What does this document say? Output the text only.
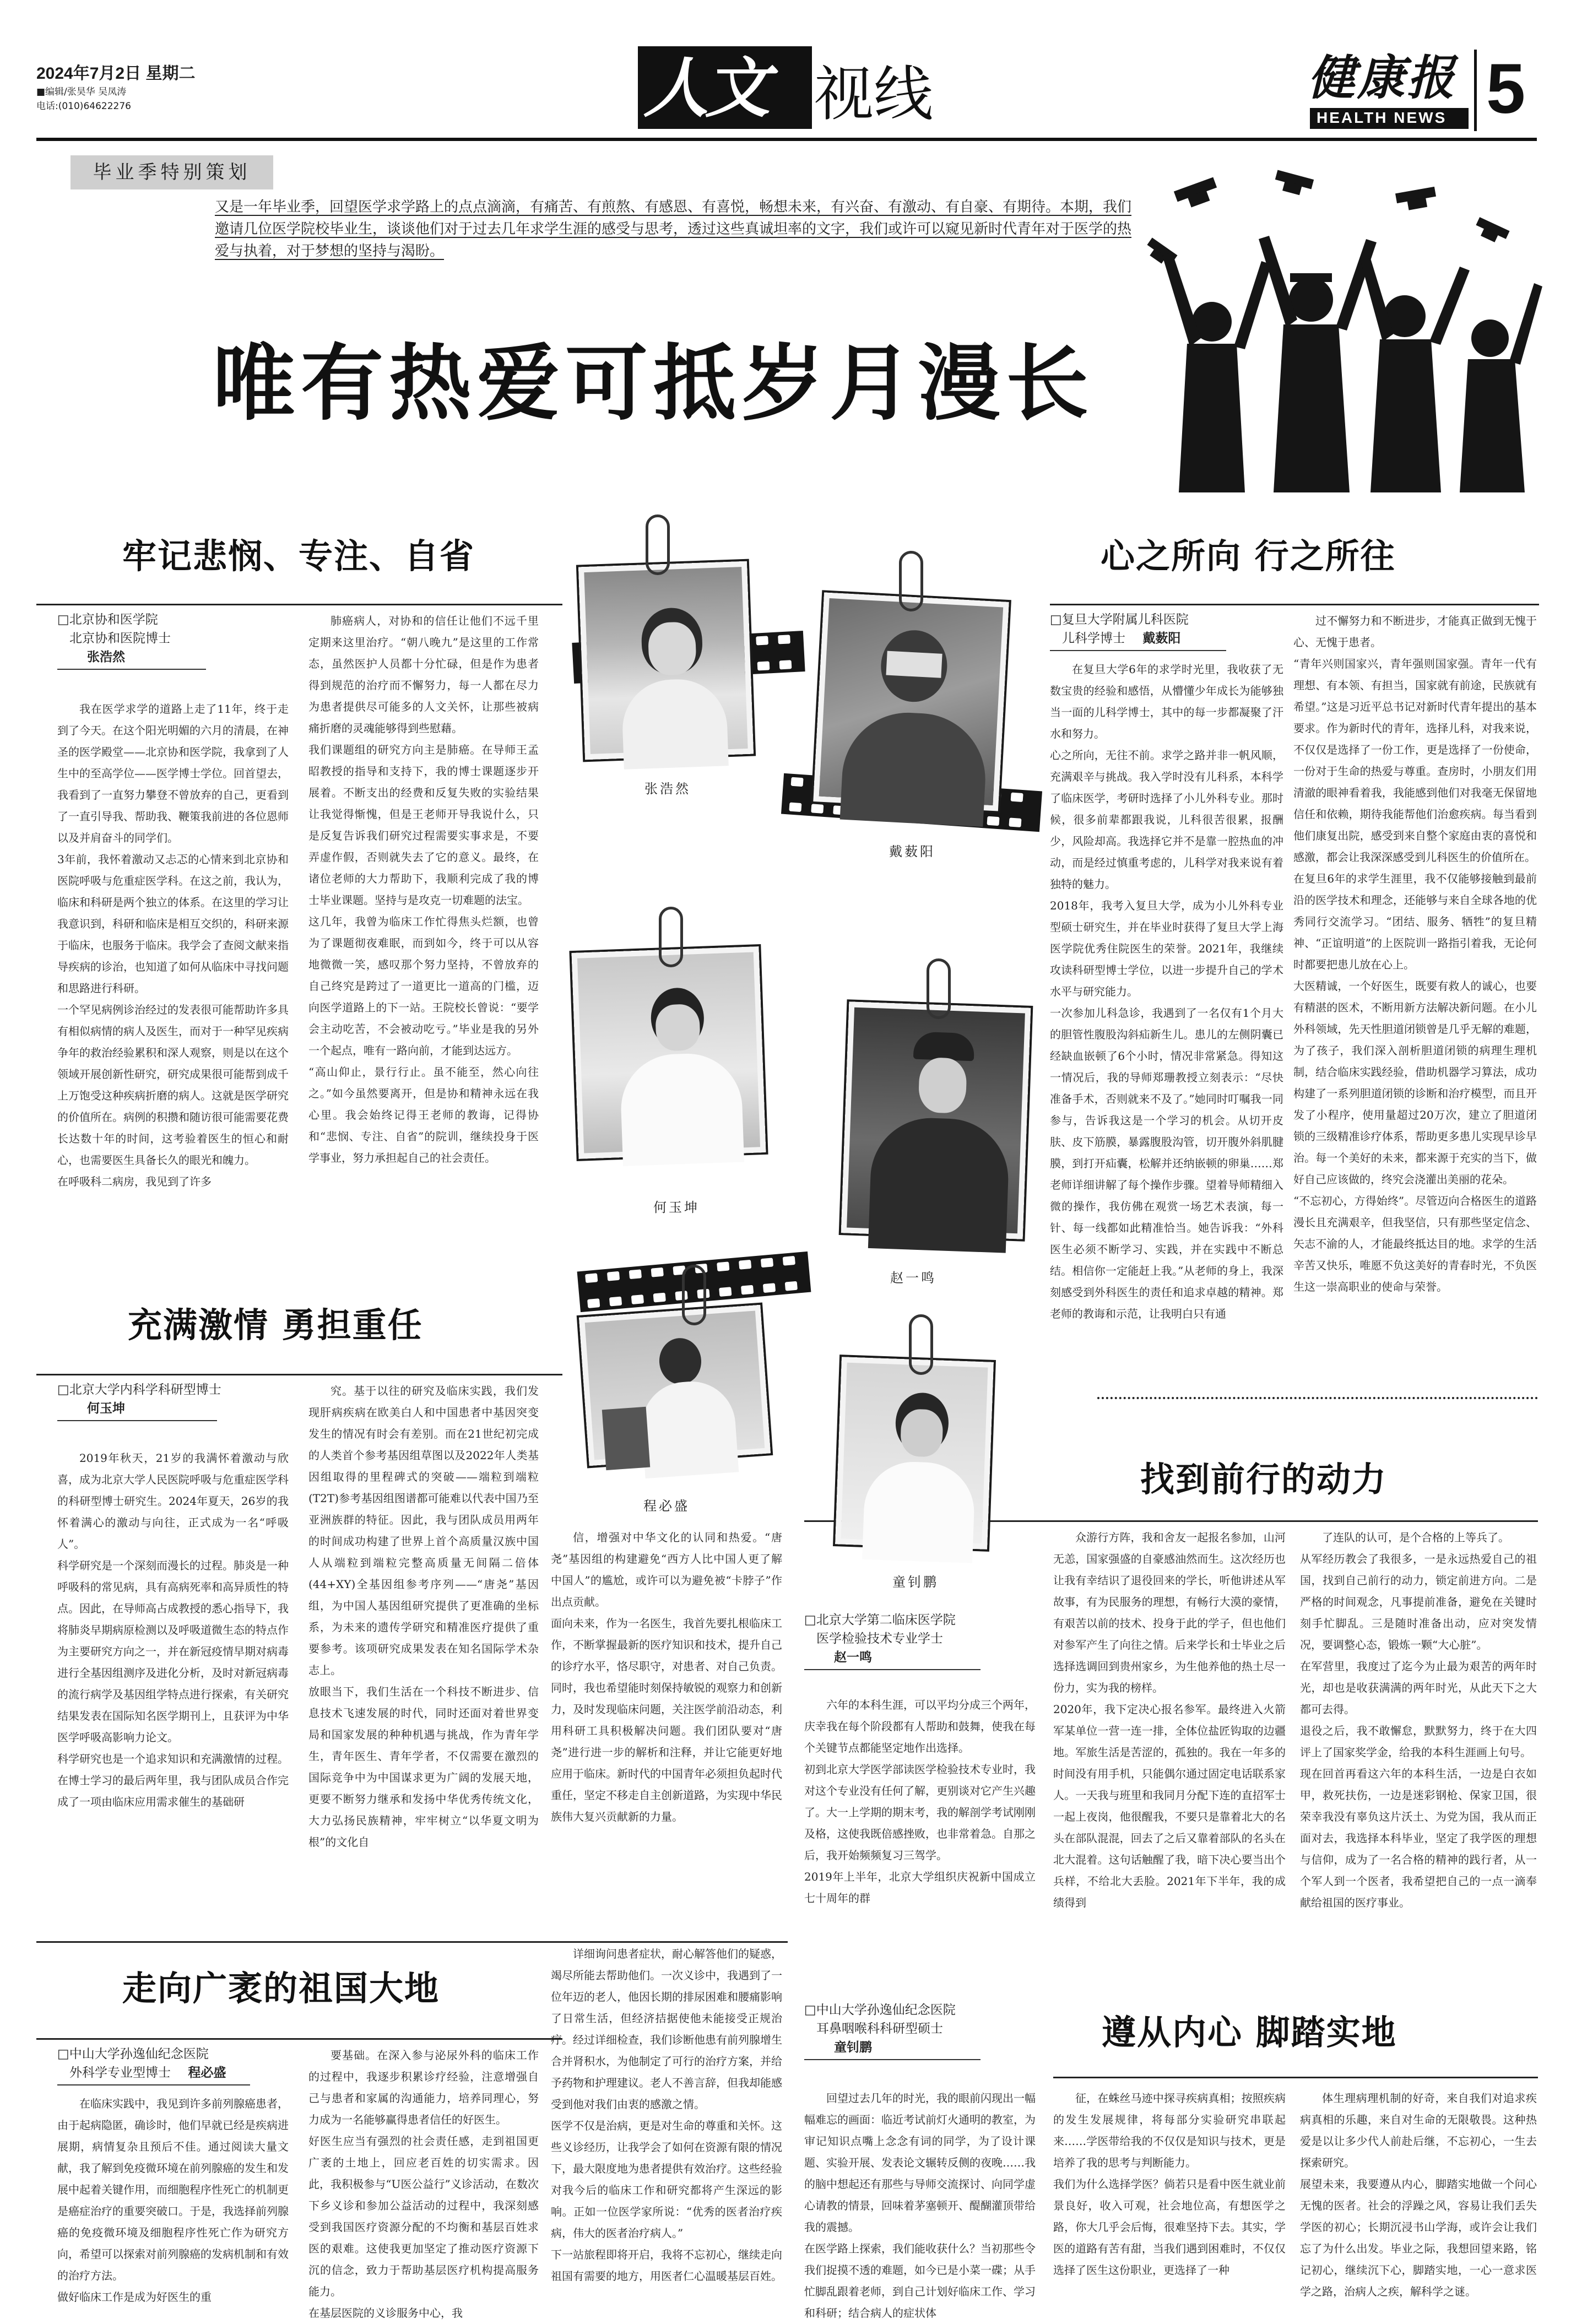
2024年7月2日 星期二
■编辑/张昊华 吴凤涛
电话:(010)64622276	人文 视线	健康报
HEALTH NEWS 5
毕业季特别策划
又是一年毕业季，回望医学求学路上的点点滴滴，有痛苦、有煎熬、有感恩、有喜悦，畅想未来，有兴奋、有激动、有自豪、有期待。本期，我们邀请几位医学院校毕业生，谈谈他们对于过去几年求学生涯的感受与思考，透过这些真诚坦率的文字，我们或许可以窥见新时代青年对于医学的热爱与执着，对于梦想的坚持与渴盼。
唯有热爱可抵岁月漫长
牢记悲悯、专注、自省
□北京协和医学院
北京协和医院博士
张浩然
我在医学求学的道路上走了11年，终于走到了今天。在这个阳光明媚的六月的清晨，在神圣的医学殿堂——北京协和医学院，我拿到了人生中的至高学位——医学博士学位。回首望去，我看到了一直努力攀登不曾放弃的自己，更看到了一直引导我、帮助我、鞭策我前进的各位恩师以及并肩奋斗的同学们。
3年前，我怀着激动又忐忑的心情来到北京协和医院呼吸与危重症医学科。在这之前，我认为，临床和科研是两个独立的体系。在这里的学习让我意识到，科研和临床是相互交织的，科研来源于临床，也服务于临床。我学会了查阅文献来指导疾病的诊治，也知道了如何从临床中寻找问题和思路进行科研。
一个罕见病例诊治经过的发表很可能帮助许多具有相似病情的病人及医生，而对于一种罕见疾病争年的救治经验累积和深人观察，则是以在这个领域开展创新性研究，研究成果很可能帮到成千上万饱受这种疾病折磨的病人。这就是医学研究的价值所在。病例的积攒和随访很可能需要花费长达数十年的时间，这考验着医生的恒心和耐心，也需要医生具备长久的眼光和魄力。
在呼吸科二病房，我见到了许多
肺癌病人，对协和的信任让他们不远千里定期来这里治疗。“朝八晚九”是这里的工作常态，虽然医护人员都十分忙碌，但是作为患者得到规范的治疗而不懈努力，每一人都在尽力为患者提供尽可能多的人文关怀，让那些被病痛折磨的灵魂能够得到些慰藉。
我们课题组的研究方向主是肺癌。在导师王孟昭教授的指导和支持下，我的博士课题逐步开展着。不断支出的经费和反复失败的实验结果让我觉得惭愧，但是王老师开导我说什么，只是反复告诉我们研究过程需要实事求是，不要弄虚作假，否则就失去了它的意义。最终，在诸位老师的大力帮助下，我顺利完成了我的博士毕业课题。坚持与是攻克一切难题的法宝。
这几年，我曾为临床工作忙得焦头烂额，也曾为了课题彻夜难眠，而到如今，终于可以从容地微微一笑，感叹那个努力坚持，不曾放弃的自己终究是跨过了一道更比一道高的门槛，迈向医学道路上的下一站。王院校长曾说：“要学会主动吃苦，不会被动吃亏。”毕业是我的另外一个起点，唯有一路向前，才能到达远方。
“高山仰止，景行行止。虽不能至，然心向往之。”如今虽然要离开，但是协和精神永远在我心里。我会始终记得王老师的教诲，记得协和“悲悯、专注、自省”的院训，继续投身于医学事业，努力承担起自己的社会责任。
心之所向 行之所往
□复旦大学附属儿科医院
儿科学博士 戴薮阳
在复旦大学6年的求学时光里，我收获了无数宝贵的经验和感悟，从懵懂少年成长为能够独当一面的儿科学博士，其中的每一步都凝聚了汗水和努力。
心之所向，无往不前。求学之路并非一帆风顺，充满艰辛与挑战。我入学时没有儿科系，本科学了临床医学，考研时选择了小儿外科专业。那时候，很多前辈都跟我说，儿科很苦很累，报酬少，风险却高。我选择它并不是靠一腔热血的冲动，而是经过慎重考虑的，儿科学对我来说有着独特的魅力。
2018年，我考入复旦大学，成为小儿外科专业型硕士研究生，并在毕业时获得了复旦大学上海医学院优秀住院医生的荣誉。2021年，我继续攻读科研型博士学位，以进一步提升自己的学术水平与研究能力。
一次参加儿科急诊，我遇到了一名仅有1个月大的胆管性腹股沟斜疝新生儿。患儿的左侧阴囊已经缺血嵌顿了6个小时，情况非常紧急。得知这一情况后，我的导师郑珊教授立刻表示：“尽快准备手术，否则就来不及了。”她同时叮嘱我一同参与，告诉我这是一个学习的机会。从切开皮肤、皮下筋膜，暴露腹股沟管，切开腹外斜肌腱膜，到打开疝囊，松解并还纳嵌顿的卵巢……郑老师详细讲解了每个操作步骤。望着导师精细入微的操作，我仿佛在观赏一场艺术表演，每一针、每一线都如此精准恰当。她告诉我：“外科医生必须不断学习、实践，并在实践中不断总结。相信你一定能赶上我。”从老师的身上，我深刻感受到外科医生的责任和追求卓越的精神。郑老师的教诲和示范，让我明白只有通
过不懈努力和不断进步，才能真正做到无愧于心、无愧于患者。
“青年兴则国家兴，青年强则国家强。青年一代有理想、有本领、有担当，国家就有前途，民族就有希望。”这是习近平总书记对新时代青年提出的基本要求。作为新时代的青年，选择儿科，对我来说，不仅仅是选择了一份工作，更是选择了一份使命，一份对于生命的热爱与尊重。查房时，小朋友们用清澈的眼神看着我，我能感到他们对我毫无保留地信任和依赖，期待我能帮他们治愈疾病。每当看到他们康复出院，感受到来自整个家庭由衷的喜悦和感激，都会让我深深感受到儿科医生的价值所在。
在复旦6年的求学生涯里，我不仅能够接触到最前沿的医学技术和理念，还能够与来自全球各地的优秀同行交流学习。“团结、服务、牺牲”的复旦精神、“正谊明道”的上医院训一路指引着我，无论何时都要把患儿放在心上。
大医精诚，一个好医生，既要有救人的诚心，也要有精湛的医术，不断用新方法解决新问题。在小儿外科领域，先天性胆道闭锁曾是几乎无解的难题，为了孩子，我们深入剖析胆道闭锁的病理生理机制，结合临床实践经验，借助机器学习算法，成功构建了一系列胆道闭锁的诊断和治疗模型，而且开发了小程序，使用量超过20万次，建立了胆道闭锁的三级精准诊疗体系，帮助更多患儿实现早诊早治。每一个美好的未来，都来源于充实的当下，做好自己应该做的，终究会浇灌出美丽的花朵。
“不忘初心，方得始终”。尽管迈向合格医生的道路漫长且充满艰辛，但我坚信，只有那些坚定信念、矢志不渝的人，才能最终抵达目的地。求学的生活辛苦又快乐，唯愿不负这美好的青春时光，不负医生这一崇高职业的使命与荣誉。
充满激情 勇担重任
□北京大学内科学科研型博士
何玉坤
2019年秋天，21岁的我满怀着激动与欣喜，成为北京大学人民医院呼吸与危重症医学科的科研型博士研究生。2024年夏天，26岁的我怀着满心的激动与向往，正式成为一名“呼吸人”。
科学研究是一个深刻而漫长的过程。肺炎是一种呼吸科的常见病，具有高病死率和高异质性的特点。因此，在导师高占成教授的悉心指导下，我将肺炎早期病原检测以及呼吸道微生态的特点作为主要研究方向之一，并在新冠疫情早期对病毒进行全基因组测序及进化分析，及时对新冠病毒的流行病学及基因组学特点进行探索，有关研究结果发表在国际知名医学期刊上，且获评为中华医学呼吸高影响力论文。
科学研究也是一个追求知识和充满激情的过程。在博士学习的最后两年里，我与团队成员合作完成了一项由临床应用需求催生的基础研
究。基于以往的研究及临床实践，我们发现肝病疾病在欧美白人和中国患者中基因突变发生的情况有时会有差别。而在21世纪初完成的人类首个参考基因组草图以及2022年人类基因组取得的里程碑式的突破——端粒到端粒(T2T)参考基因组图谱都可能难以代表中国乃至亚洲族群的特征。因此，我与团队成员用两年的时间成功构建了世界上首个高质量汉族中国人从端粒到端粒完整高质量无间隔二倍体(44+XY)全基因组参考序列——“唐尧”基因组，为中国人基因组研究提供了更准确的坐标系，为未来的遗传学研究和精准医疗提供了重要参考。该项研究成果发表在知名国际学术杂志上。
放眼当下，我们生活在一个科技不断进步、信息技术飞速发展的时代，同时还面对着世界变局和国家发展的种种机遇与挑战，作为青年学生，青年医生、青年学者，不仅需要在激烈的国际竞争中为中国谋求更为广阔的发展天地，更要不断努力继承和发扬中华优秀传统文化，大力弘扬民族精神，牢牢树立“以华夏文明为根”的文化自
信，增强对中华文化的认同和热爱。“唐尧”基因组的构建避免“西方人比中国人更了解中国人”的尴尬，或许可以为避免被“卡脖子”作出点贡献。
面向未来，作为一名医生，我首先要扎根临床工作，不断掌握最新的医疗知识和技术，提升自己的诊疗水平，恪尽职守，对患者、对自己负责。同时，我也希望能时刻保持敏锐的观察力和创新力，及时发现临床问题，关注医学前沿动态，利用科研工具积极解决问题。我们团队要对“唐尧”进行进一步的解析和注释，并让它能更好地应用于临床。新时代的中国青年必须担负起时代重任，坚定不移走自主创新道路，为实现中华民族伟大复兴贡献新的力量。
找到前行的动力
□北京大学第二临床医学院
医学检验技术专业学士
赵一鸣
六年的本科生涯，可以平均分成三个两年，庆幸我在每个阶段都有人帮助和鼓舞，使我在每个关键节点都能坚定地作出选择。
初到北京大学医学部读医学检验技术专业时，我对这个专业没有任何了解，更别谈对它产生兴趣了。大一上学期的期末考，我的解剖学考试刚刚及格，这使我既倍感挫败，也非常着急。自那之后，我开始频频复习三驾学。
2019年上半年，北京大学组织庆祝新中国成立七十周年的群
众游行方阵，我和舍友一起报名参加，山河无恙，国家强盛的自豪感油然而生。这次经历也让我有幸结识了退役回来的学长，听他讲述从军故事，有为民服务的理想，有畅行大漠的豪情，有艰苦以前的技术、投身于此的学子，但也他们对参军产生了向往之情。后来学长和士毕业之后选择选调回到贵州家乡，为生他养他的热土尽一份力，实为我的榜样。
2020年，我下定决心报名参军。最终进入火箭军某单位一营一连一排，全体位盐匠钩取的边疆地。军旅生活是苦涩的，孤独的。我在一年多的时间没有用手机，只能偶尔通过固定电话联系家人。一天我与班里和我同月分配下连的直招军士一起上夜岗，他很醒我，不要只是靠着北大的名头在部队混混，回去了之后又靠着部队的名头在北大混着。这句话触醒了我，暗下决心要当出个兵样，不给北大丢脸。2021年下半年，我的成绩得到
了连队的认可，是个合格的上等兵了。
从军经历教会了我很多，一是永远热爱自己的祖国，找到自己前行的动力，锁定前进方向。二是严格的时间观念，凡事提前准备，避免在关键时刻手忙脚乱。三是随时准备出动，应对突发情况，要调整心态，锻炼一颗“大心脏”。
在军营里，我度过了迄今为止最为艰苦的两年时光，却也是收获满满的两年时光，从此天下之大都可去得。
退役之后，我不敢懈怠，默默努力，终于在大四评上了国家奖学金，给我的本科生涯画上句号。
现在回首再看这六年的本科生活，一边是白衣如甲，救死扶伤，一边是迷彩钢枪、保家卫国，很荣幸我没有辜负这片沃土、为党为国，我从而正面对去，我选择本科毕业，坚定了我学医的理想与信仰，成为了一名合格的精神的践行者，从一个军人到一个医者，我希望把自己的一点一滴奉献给祖国的医疗事业。
走向广袤的祖国大地
□中山大学孙逸仙纪念医院
外科学专业型博士 程必盛
在临床实践中，我见到许多前列腺癌患者，由于起病隐匿，确诊时，他们早就已经是疾病进展期，病情复杂且预后不佳。通过阅读大量文献，我了解到免疫微环境在前列腺癌的发生和发展中起着关键作用，而细胞程序性死亡的机制更是癌症治疗的重要突破口。于是，我选择前列腺癌的免疫微环境及细胞程序性死亡作为研究方向，希望可以探索对前列腺癌的发病机制和有效的治疗方法。
做好临床工作是成为好医生的重
要基础。在深入参与泌尿外科的临床工作的过程中，我逐步积累诊疗经验，注意增强自己与患者和家属的沟通能力，培养同理心，努力成为一名能够赢得患者信任的好医生。
好医生应当有强烈的社会责任感，走到祖国更广袤的土地上，回应老百姓的切实需求。因此，我积极参与“U医公益行”义诊活动，在数次下乡义诊和参加公益活动的过程中，我深刻感受到我国医疗资源分配的不均衡和基层百姓求医的艰难。这使我更加坚定了推动医疗资源下沉的信念，致力于帮助基层医疗机构提高服务能力。
在基层医院的义诊服务中心，我
详细询问患者症状，耐心解答他们的疑惑，竭尽所能去帮助他们。一次义诊中，我遇到了一位年迈的老人，他因长期的排尿困难和腰痛影响了日常生活，但经济拮据使他未能接受正规治疗。经过详细检查，我们诊断他患有前列腺增生合并肾积水，为他制定了可行的治疗方案，并给予药物和护理建议。老人不善言辞，但我却能感受到他对我们由衷的感激之情。
医学不仅是治病，更是对生命的尊重和关怀。这些义诊经历，让我学会了如何在资源有限的情况下，最大限度地为患者提供有效治疗。这些经验对我今后的临床工作和研究都将产生深远的影响。正如一位医学家所说：“优秀的医者治疗疾病，伟大的医者治疗病人。”
下一站旅程即将开启，我将不忘初心，继续走向祖国有需要的地方，用医者仁心温暖基层百姓。
□中山大学孙逸仙纪念医院
耳鼻咽喉科科研型硕士
童钊鹏	遵从内心 脚踏实地
回望过去几年的时光，我的眼前闪现出一幅幅难忘的画面：临近考试前灯火通明的教室，为审记知识点嘴上念念有词的同学，为了设计课题、实验开展、发表论文辗转反侧的夜晚……我的脑中想起还有那些与导师交流探讨、向同学虚心请教的情景，回味着茅塞顿开、醍醐灌顶带给我的震撼。
在医学路上探索，我们能收获什么？当初那些令我们捉摸不透的难题，如今已是小菜一碟；从手忙脚乱跟着老师，到自己计划好临床工作、学习和科研；结合病人的症状体
征，在蛛丝马迹中探寻疾病真相；按照疾病的发生发展规律，将每部分实验研究串联起来……学医带给我的不仅仅是知识与技术，更是培养了我的思考与判断能力。
我们为什么选择学医？倘若只是看中医生就业前景良好，收入可观，社会地位高，有想医学之路，你大几乎会后悔，很难坚持下去。其实，学医的道路有苦有甜，当我们遇到困难时，不仅仅选择了医生这份职业，更选择了一种
体生理病理机制的好奇，来自我们对追求疾病真相的乐趣，来自对生命的无限敬畏。这种热爱是以让多少代人前赴后继，不忘初心，一生去探索研究。
展望未来，我要遵从内心，脚踏实地做一个问心无愧的医者。社会的浮躁之风，容易让我们丢失学医的初心；长期沉浸书山学海，或许会让我们忘了为什么出发。毕业之际，我想回望来路，铭记初心，继续沉下心，脚踏实地，一心一意求医学之路，治病人之疾，解科学之谜。
张浩然
戴薮阳
何玉坤
赵一鸣
程必盛
童钊鹏
